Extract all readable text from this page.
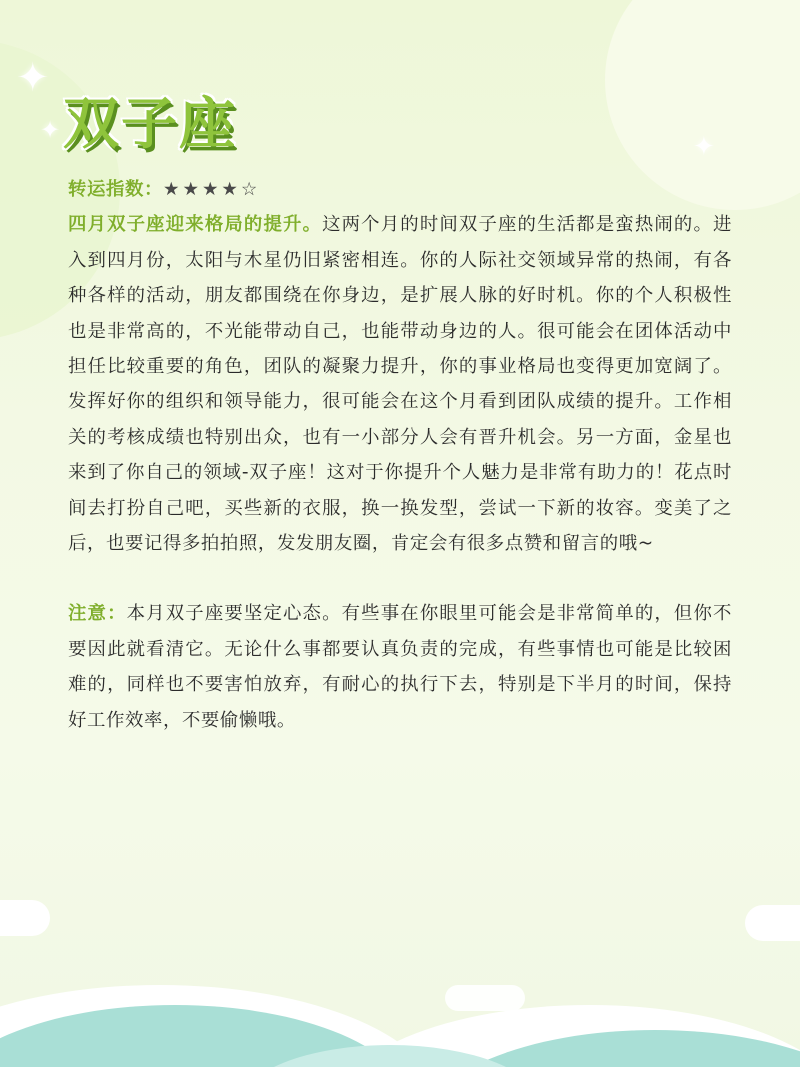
✦
✦
✦
双子座

转运指数：★★★★☆

四月双子座迎来格局的提升。这两个月的时间双子座的生活都是蛮热闹的。进入到四月份，太阳与木星仍旧紧密相连。你的人际社交领域异常的热闹，有各种各样的活动，朋友都围绕在你身边，是扩展人脉的好时机。你的个人积极性也是非常高的，不光能带动自己，也能带动身边的人。很可能会在团体活动中担任比较重要的角色，团队的凝聚力提升，你的事业格局也变得更加宽阔了。发挥好你的组织和领导能力，很可能会在这个月看到团队成绩的提升。工作相关的考核成绩也特别出众，也有一小部分人会有晋升机会。另一方面，金星也来到了你自己的领域-双子座！这对于你提升个人魅力是非常有助力的！花点时间去打扮自己吧，买些新的衣服，换一换发型，尝试一下新的妆容。变美了之后，也要记得多拍拍照，发发朋友圈，肯定会有很多点赞和留言的哦~

注意：本月双子座要坚定心态。有些事在你眼里可能会是非常简单的，但你不要因此就看清它。无论什么事都要认真负责的完成，有些事情也可能是比较困难的，同样也不要害怕放弃，有耐心的执行下去，特别是下半月的时间，保持好工作效率，不要偷懒哦。
